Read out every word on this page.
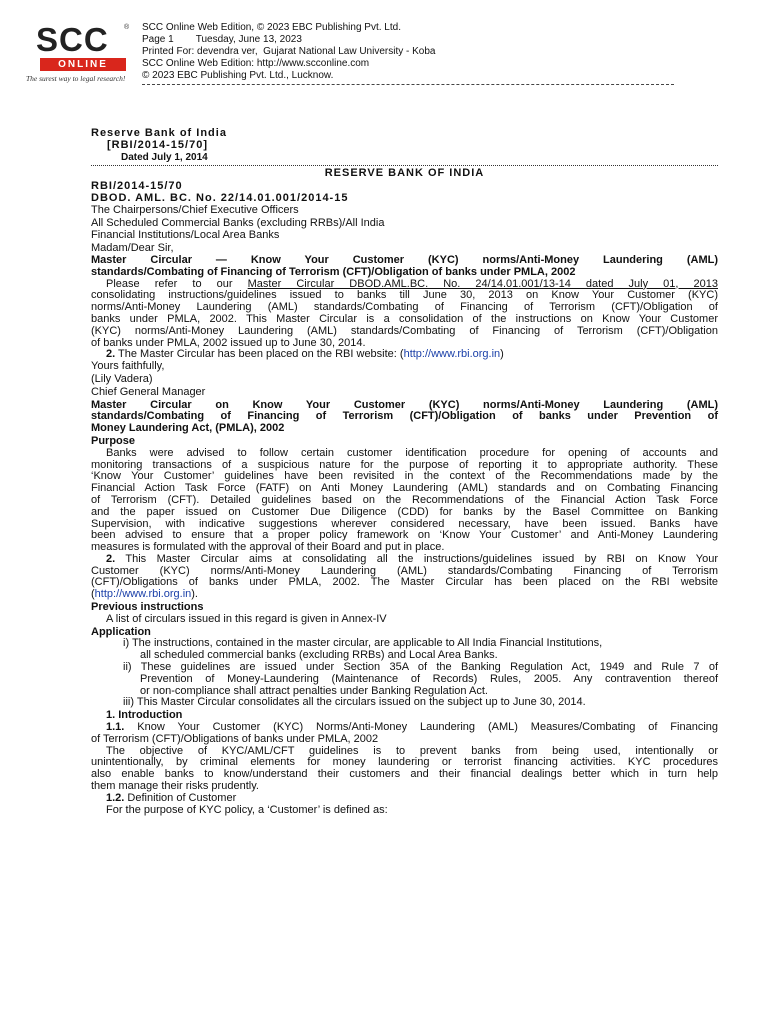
SCC ®
ONLINE
The surest way to legal research!
SCC Online Web Edition, © 2023 EBC Publishing Pvt. Ltd.
Page 1        Tuesday, June 13, 2023
Printed For: devendra ver,  Gujarat National Law University - Koba
SCC Online Web Edition: http://www.scconline.com
© 2023 EBC Publishing Pvt. Ltd., Lucknow.
Reserve Bank of India
[RBI/2014-15/70]
Dated July 1, 2014
RESERVE BANK OF INDIA
RBI/2014-15/70
DBOD. AML. BC. No. 22/14.01.001/2014-15
The Chairpersons/Chief Executive Officers
All Scheduled Commercial Banks (excluding RRBs)/All India
Financial Institutions/Local Area Banks
Madam/Dear Sir,
Master Circular — Know Your Customer (KYC) norms/Anti-Money Laundering (AML)
standards/Combating of Financing of Terrorism (CFT)/Obligation of banks under PMLA, 2002
Please refer to our Master Circular DBOD.AML.BC. No. 24/14.01.001/13-14 dated July 01, 2013
consolidating instructions/guidelines issued to banks till June 30, 2013 on Know Your Customer (KYC)
norms/Anti-Money Laundering (AML) standards/Combating of Financing of Terrorism (CFT)/Obligation of
banks under PMLA, 2002. This Master Circular is a consolidation of the instructions on Know Your Customer
(KYC) norms/Anti-Money Laundering (AML) standards/Combating of Financing of Terrorism (CFT)/Obligation
of banks under PMLA, 2002 issued up to June 30, 2014.
2. The Master Circular has been placed on the RBI website: (http://www.rbi.org.in)
Yours faithfully,
(Lily Vadera)
Chief General Manager
Master Circular on Know Your Customer (KYC) norms/Anti-Money Laundering (AML)
standards/Combating of Financing of Terrorism (CFT)/Obligation of banks under Prevention of
Money Laundering Act, (PMLA), 2002
Purpose
Banks were advised to follow certain customer identification procedure for opening of accounts and
monitoring transactions of a suspicious nature for the purpose of reporting it to appropriate authority. These
‘Know Your Customer’ guidelines have been revisited in the context of the Recommendations made by the
Financial Action Task Force (FATF) on Anti Money Laundering (AML) standards and on Combating Financing
of Terrorism (CFT). Detailed guidelines based on the Recommendations of the Financial Action Task Force
and the paper issued on Customer Due Diligence (CDD) for banks by the Basel Committee on Banking
Supervision, with indicative suggestions wherever considered necessary, have been issued. Banks have
been advised to ensure that a proper policy framework on ‘Know Your Customer’ and Anti-Money Laundering
measures is formulated with the approval of their Board and put in place.
2. This Master Circular aims at consolidating all the instructions/guidelines issued by RBI on Know Your
Customer (KYC) norms/Anti-Money Laundering (AML) standards/Combating Financing of Terrorism
(CFT)/Obligations of banks under PMLA, 2002. The Master Circular has been placed on the RBI website
(http://www.rbi.org.in).
Previous instructions
A list of circulars issued in this regard is given in Annex-IV
Application
i) The instructions, contained in the master circular, are applicable to All India Financial Institutions,
all scheduled commercial banks (excluding RRBs) and Local Area Banks.
ii) These guidelines are issued under Section 35A of the Banking Regulation Act, 1949 and Rule 7 of
Prevention of Money-Laundering (Maintenance of Records) Rules, 2005. Any contravention thereof
or non-compliance shall attract penalties under Banking Regulation Act.
iii) This Master Circular consolidates all the circulars issued on the subject up to June 30, 2014.
1. Introduction
1.1. Know Your Customer (KYC) Norms/Anti-Money Laundering (AML) Measures/Combating of Financing
of Terrorism (CFT)/Obligations of banks under PMLA, 2002
The objective of KYC/AML/CFT guidelines is to prevent banks from being used, intentionally or
unintentionally, by criminal elements for money laundering or terrorist financing activities. KYC procedures
also enable banks to know/understand their customers and their financial dealings better which in turn help
them manage their risks prudently.
1.2. Definition of Customer
For the purpose of KYC policy, a ‘Customer’ is defined as:
